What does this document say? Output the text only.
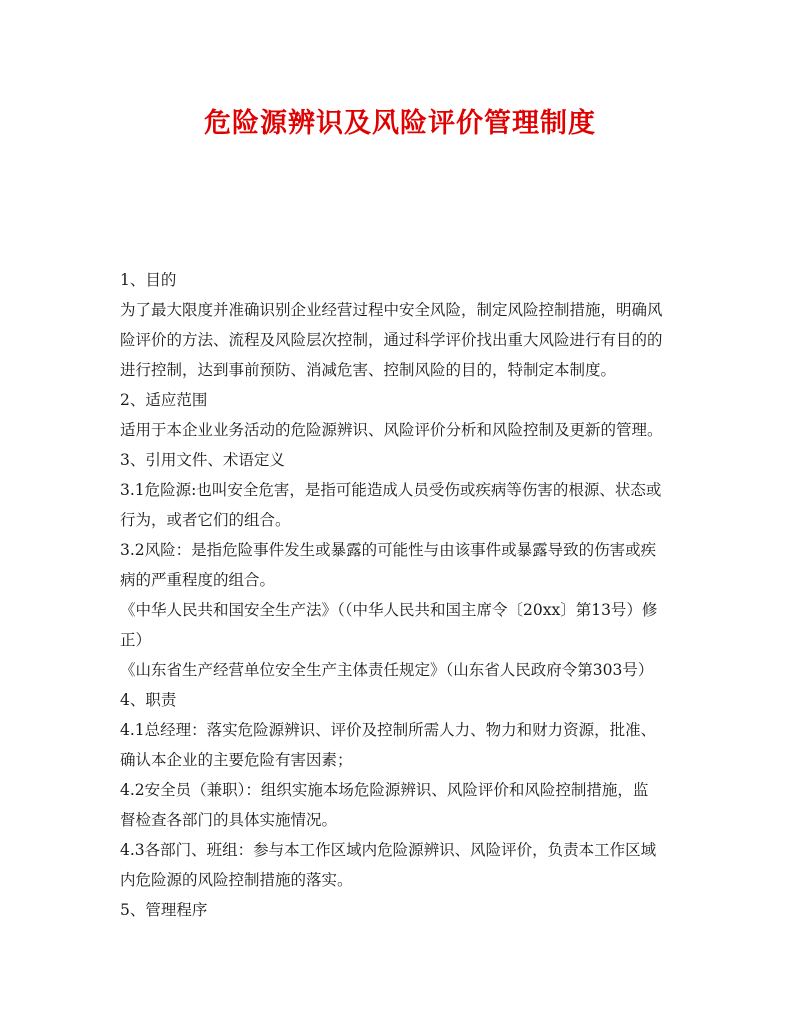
危险源辨识及风险评价管理制度
1、目的
为了最大限度并准确识别企业经营过程中安全风险，制定风险控制措施，明确风
险评价的方法、流程及风险层次控制，通过科学评价找出重大风险进行有目的的
进行控制，达到事前预防、消减危害、控制风险的目的，特制定本制度。
2、适应范围
适用于本企业业务活动的危险源辨识、风险评价分析和风险控制及更新的管理。
3、引用文件、术语定义
3.1危险源:也叫安全危害，是指可能造成人员受伤或疾病等伤害的根源、状态或
行为，或者它们的组合。
3.2风险：是指危险事件发生或暴露的可能性与由该事件或暴露导致的伤害或疾
病的严重程度的组合。
《中华人民共和国安全生产法》（（中华人民共和国主席令〔20xx〕第13号）修
正）
《山东省生产经营单位安全生产主体责任规定》（山东省人民政府令第303号）
4、职责
4.1总经理：落实危险源辨识、评价及控制所需人力、物力和财力资源，批准、
确认本企业的主要危险有害因素；
4.2安全员（兼职）：组织实施本场危险源辨识、风险评价和风险控制措施，监
督检查各部门的具体实施情况。
4.3各部门、班组：参与本工作区域内危险源辨识、风险评价，负责本工作区域
内危险源的风险控制措施的落实。
5、管理程序
